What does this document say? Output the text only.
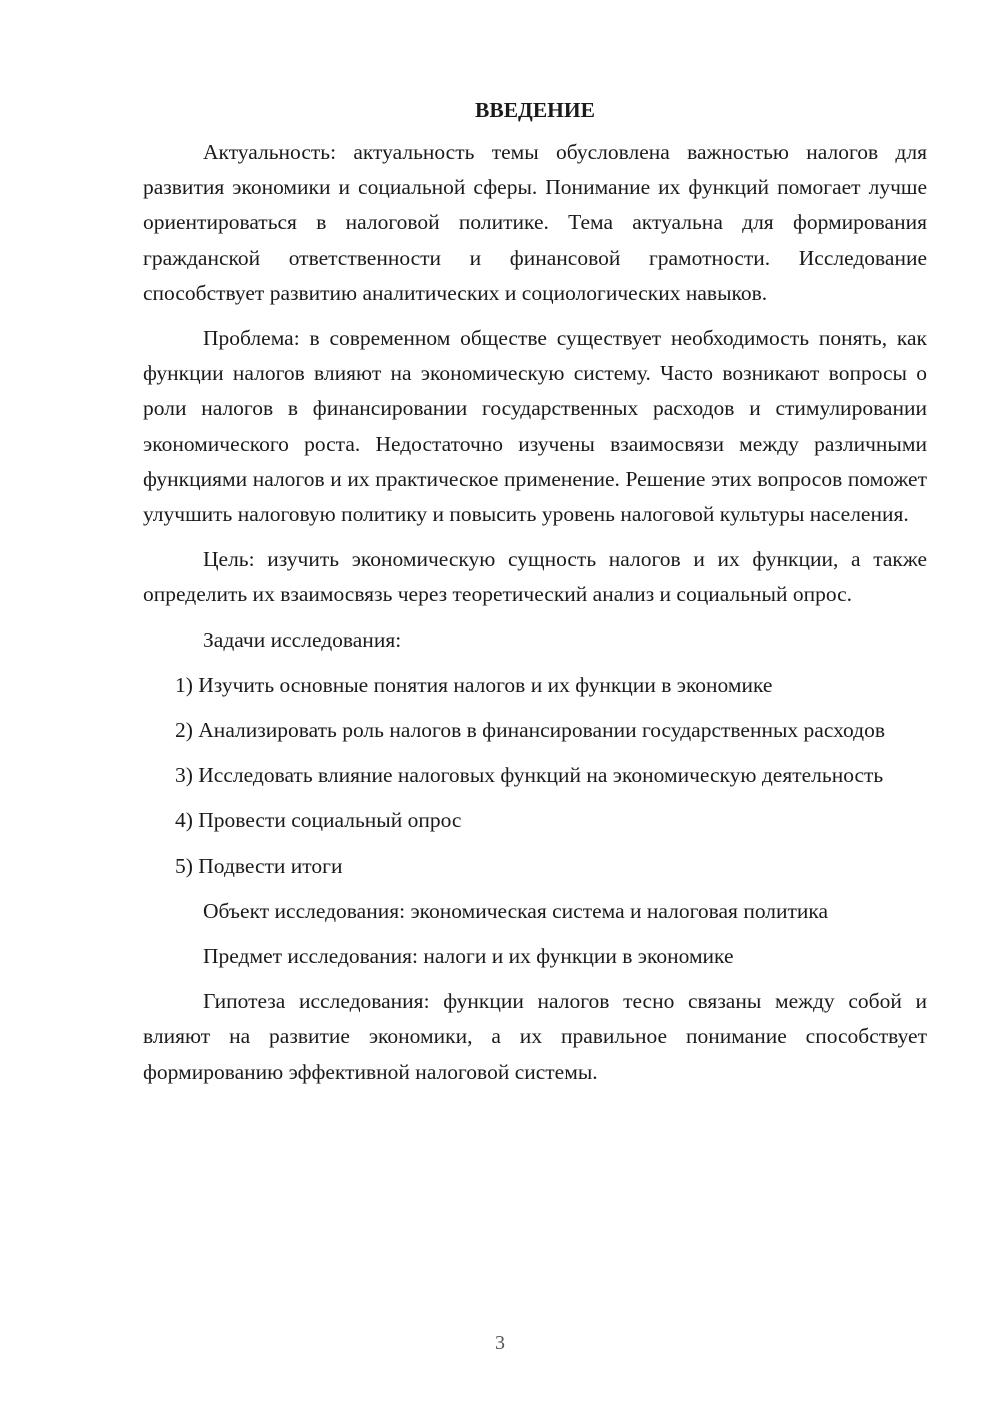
ВВЕДЕНИЕ

Актуальность: актуальность темы обусловлена важностью налогов для развития экономики и социальной сферы. Понимание их функций помогает лучше ориентироваться в налоговой политике. Тема актуальна для формирования гражданской ответственности и финансовой грамотности. Исследование способствует развитию аналитических и социологических навыков.

Проблема: в современном обществе существует необходимость понять, как функции налогов влияют на экономическую систему. Часто возникают вопросы о роли налогов в финансировании государственных расходов и стимулировании экономического роста. Недостаточно изучены взаимосвязи между различными функциями налогов и их практическое применение. Решение этих вопросов поможет улучшить налоговую политику и повысить уровень налоговой культуры населения.

Цель: изучить экономическую сущность налогов и их функции, а также определить их взаимосвязь через теоретический анализ и социальный опрос.

Задачи исследования:

1) Изучить основные понятия налогов и их функции в экономике

2) Анализировать роль налогов в финансировании государственных расходов

3) Исследовать влияние налоговых функций на экономическую деятельность

4) Провести социальный опрос

5) Подвести итоги

Объект исследования: экономическая система и налоговая политика

Предмет исследования: налоги и их функции в экономике

Гипотеза исследования: функции налогов тесно связаны между собой и влияют на развитие экономики, а их правильное понимание способствует формированию эффективной налоговой системы.

3
